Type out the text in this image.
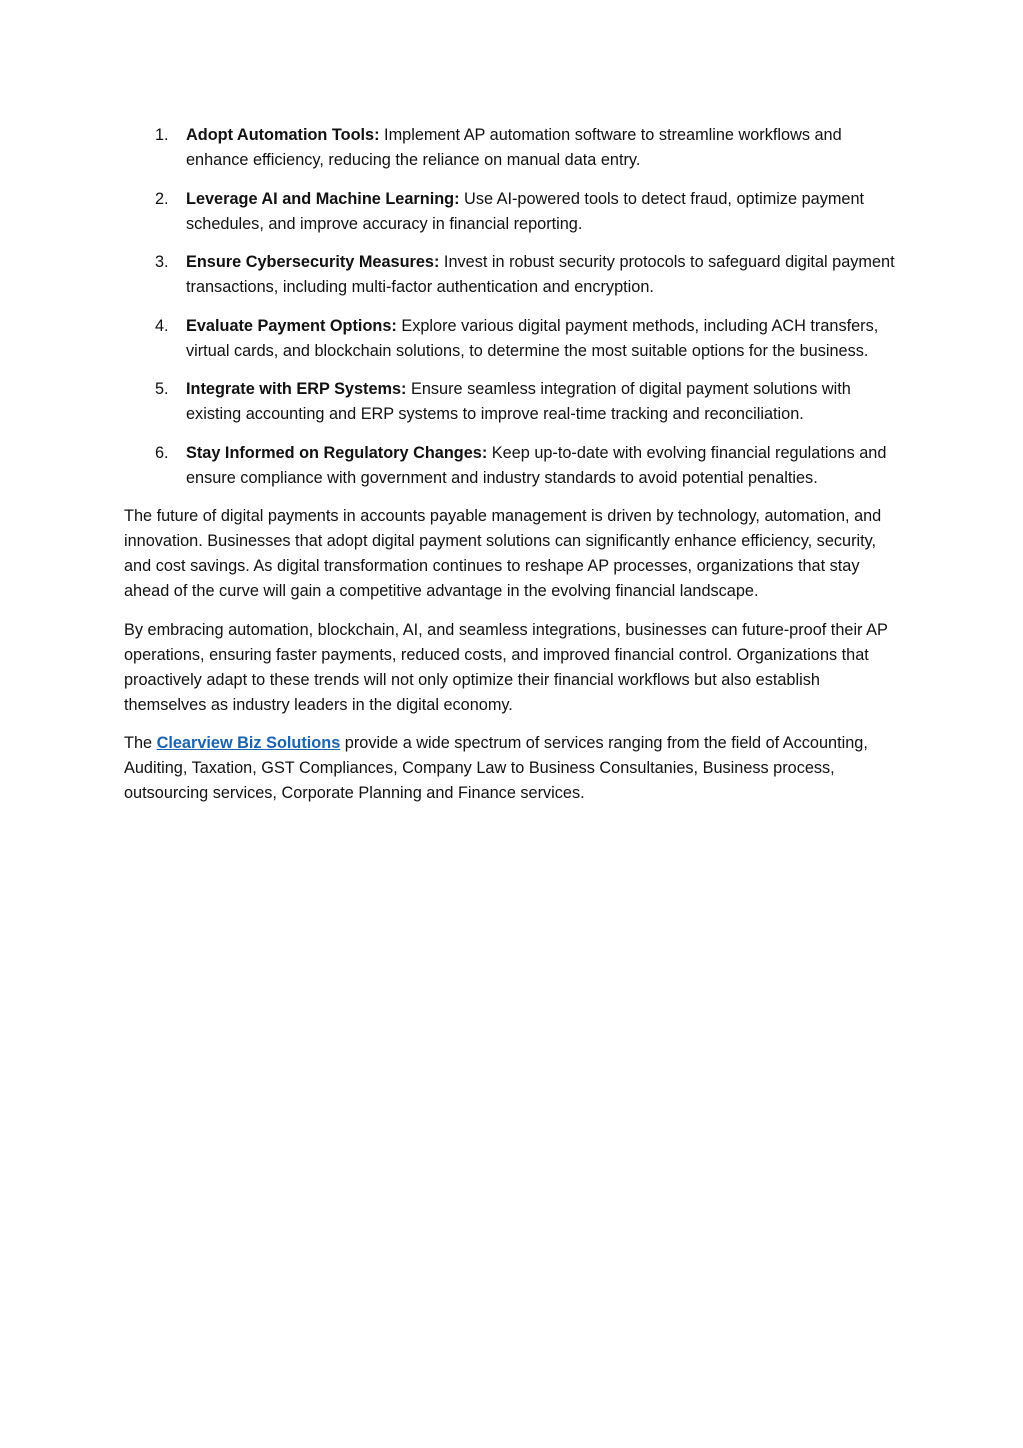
1. Adopt Automation Tools: Implement AP automation software to streamline workflows and enhance efficiency, reducing the reliance on manual data entry.
2. Leverage AI and Machine Learning: Use AI-powered tools to detect fraud, optimize payment schedules, and improve accuracy in financial reporting.
3. Ensure Cybersecurity Measures: Invest in robust security protocols to safeguard digital payment transactions, including multi-factor authentication and encryption.
4. Evaluate Payment Options: Explore various digital payment methods, including ACH transfers, virtual cards, and blockchain solutions, to determine the most suitable options for the business.
5. Integrate with ERP Systems: Ensure seamless integration of digital payment solutions with existing accounting and ERP systems to improve real-time tracking and reconciliation.
6. Stay Informed on Regulatory Changes: Keep up-to-date with evolving financial regulations and ensure compliance with government and industry standards to avoid potential penalties.

The future of digital payments in accounts payable management is driven by technology, automation, and innovation. Businesses that adopt digital payment solutions can significantly enhance efficiency, security, and cost savings. As digital transformation continues to reshape AP processes, organizations that stay ahead of the curve will gain a competitive advantage in the evolving financial landscape.

By embracing automation, blockchain, AI, and seamless integrations, businesses can future-proof their AP operations, ensuring faster payments, reduced costs, and improved financial control. Organizations that proactively adapt to these trends will not only optimize their financial workflows but also establish themselves as industry leaders in the digital economy.

The Clearview Biz Solutions provide a wide spectrum of services ranging from the field of Accounting, Auditing, Taxation, GST Compliances, Company Law to Business Consultanies, Business process, outsourcing services, Corporate Planning and Finance services.
